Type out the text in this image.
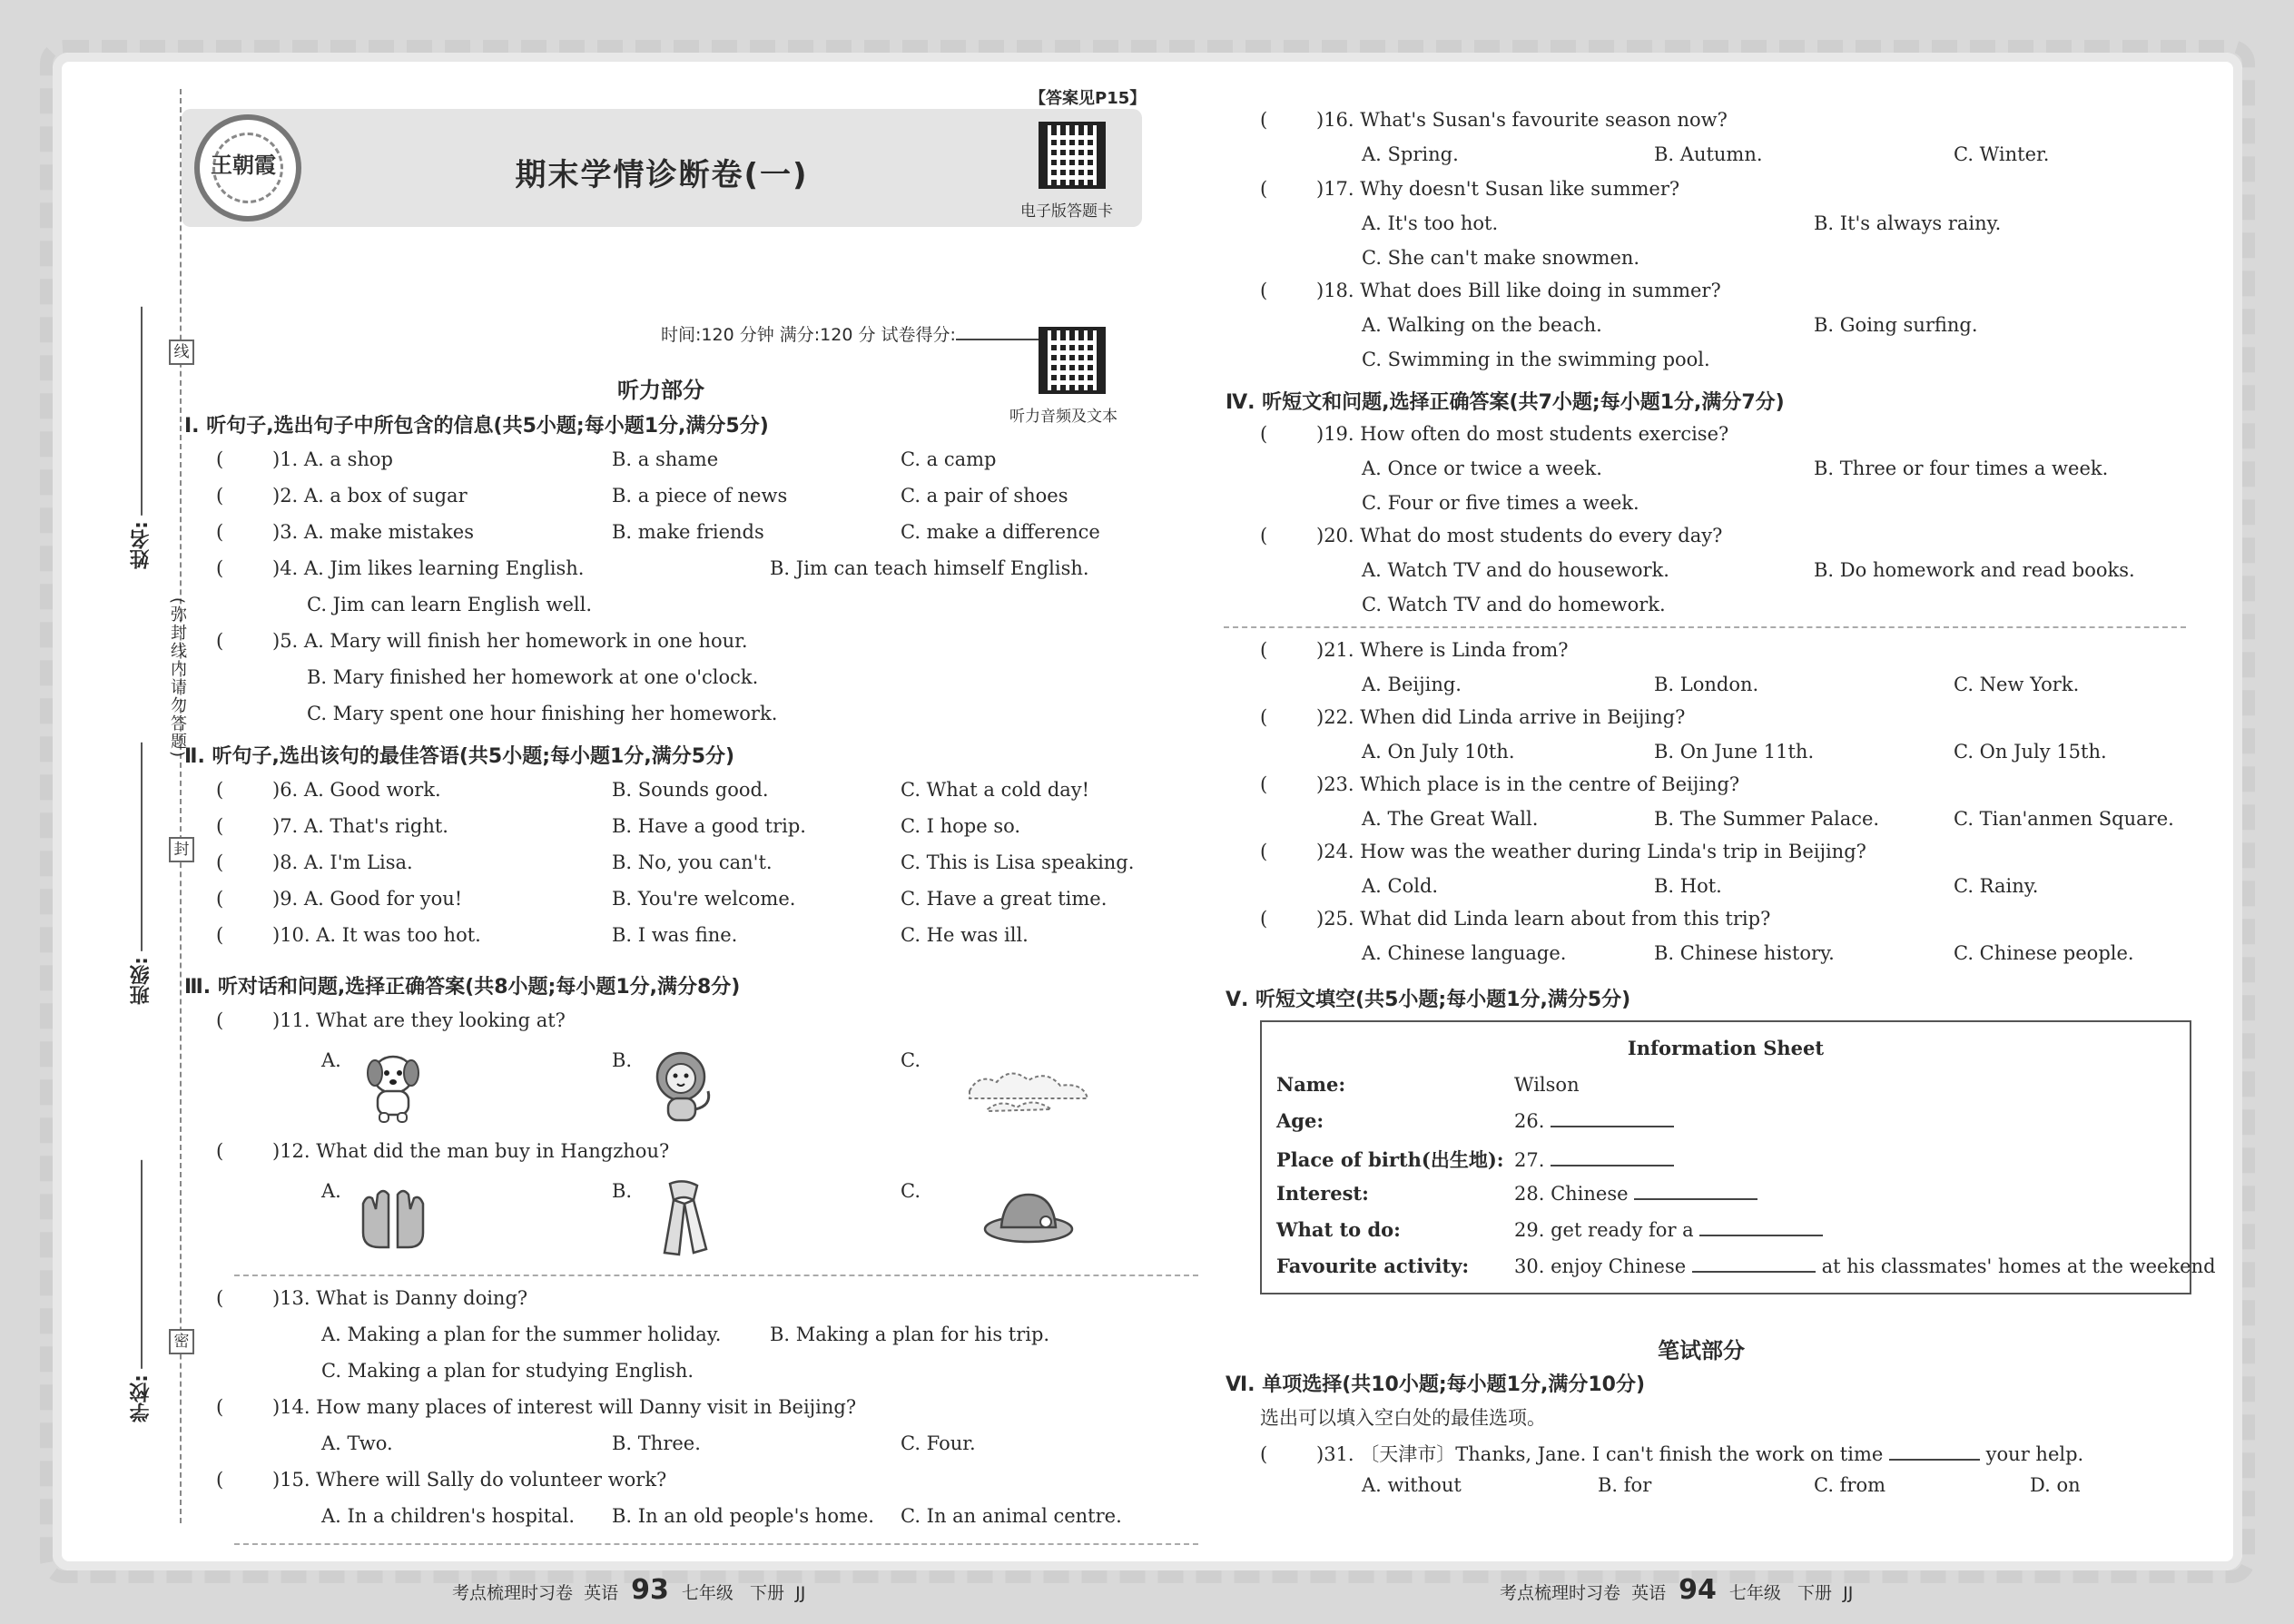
线
封
密
学校:
班级:
姓名:
(弥封线内请勿答题)
王朝霞	期末学情诊断卷(一)
【答案见P15】
电子版答题卡
时间:120 分钟 满分:120 分 试卷得分:
听力部分
听力音频及文本
Ⅰ. 听句子,选出句子中所包含的信息(共5小题;每小题1分,满分5分)
(	)1. A. a shop	B. a shame	C. a camp
(	)2. A. a box of sugar	B. a piece of news	C. a pair of shoes
(	)3. A. make mistakes	B. make friends	C. make a difference
(	)4. A. Jim likes learning English.	B. Jim can teach himself English.
C. Jim can learn English well.
(	)5. A. Mary will finish her homework in one hour.
B. Mary finished her homework at one o'clock.
C. Mary spent one hour finishing her homework.
Ⅱ. 听句子,选出该句的最佳答语(共5小题;每小题1分,满分5分)
(	)6. A. Good work.	B. Sounds good.	C. What a cold day!
(	)7. A. That's right.	B. Have a good trip.	C. I hope so.
(	)8. A. I'm Lisa.	B. No, you can't.	C. This is Lisa speaking.
(	)9. A. Good for you!	B. You're welcome.	C. Have a great time.
(	)10. A. It was too hot.	B. I was fine.	C. He was ill.
Ⅲ. 听对话和问题,选择正确答案(共8小题;每小题1分,满分8分)
(	)11. What are they looking at?
A.	B.	C.
(	)12. What did the man buy in Hangzhou?
A.	B.	C.
(	)13. What is Danny doing?
A. Making a plan for the summer holiday.	B. Making a plan for his trip.
C. Making a plan for studying English.
(	)14. How many places of interest will Danny visit in Beijing?
A. Two.	B. Three.	C. Four.
(	)15. Where will Sally do volunteer work?
A. In a children's hospital. B. In an old people's home. C. In an animal centre.
考点梳理时习卷 英语 93 七年级 下册 JJ
(	)16. What's Susan's favourite season now?
A. Spring.	B. Autumn.	C. Winter.
(	)17. Why doesn't Susan like summer?
A. It's too hot.	B. It's always rainy.
C. She can't make snowmen.
(	)18. What does Bill like doing in summer?
A. Walking on the beach.	B. Going surfing.
C. Swimming in the swimming pool.
Ⅳ. 听短文和问题,选择正确答案(共7小题;每小题1分,满分7分)
(	)19. How often do most students exercise?
A. Once or twice a week.	B. Three or four times a week.
C. Four or five times a week.
(	)20. What do most students do every day?
A. Watch TV and do housework.	B. Do homework and read books.
C. Watch TV and do homework.
(	)21. Where is Linda from?
A. Beijing.	B. London.	C. New York.
(	)22. When did Linda arrive in Beijing?
A. On July 10th.	B. On June 11th.	C. On July 15th.
(	)23. Which place is in the centre of Beijing?
A. The Great Wall.	B. The Summer Palace.	C. Tian'anmen Square.
(	)24. How was the weather during Linda's trip in Beijing?
A. Cold.	B. Hot.	C. Rainy.
(	)25. What did Linda learn about from this trip?
A. Chinese language.	B. Chinese history.	C. Chinese people.
Ⅴ. 听短文填空(共5小题;每小题1分,满分5分)
Information Sheet
Name:	Wilson
Age:	26.
Place of birth(出生地): 27.
Interest:	28. Chinese
What to do:	29. get ready for a
Favourite activity: 30. enjoy Chinese	at his classmates' homes at the weekend
笔试部分
Ⅵ. 单项选择(共10小题;每小题1分,满分10分)
选出可以填入空白处的最佳选项。
(	)31. 〔天津市〕Thanks, Jane. I can't finish the work on time	your help.
A. without	B. for	C. from	D. on
考点梳理时习卷 英语 94 七年级 下册 JJ
